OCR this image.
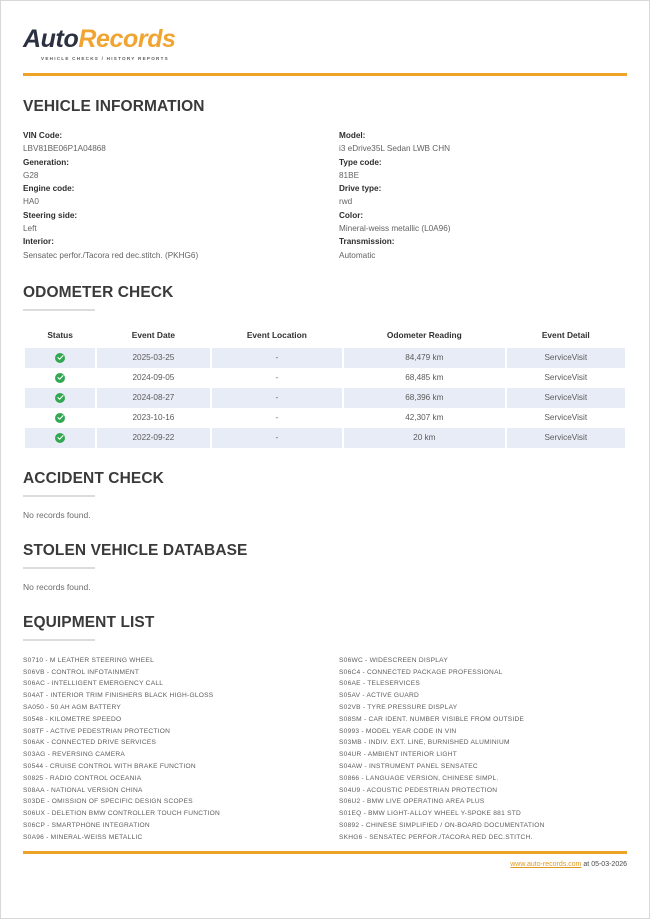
AutoRecords
VEHICLE CHECKS / HISTORY REPORTS
VEHICLE INFORMATION
VIN Code:
LBV81BE06P1A04868
Generation:
G28
Engine code:
HA0
Steering side:
Left
Interior:
Sensatec perfor./Tacora red dec.stitch. (PKHG6)
Model:
i3 eDrive35L Sedan LWB CHN
Type code:
81BE
Drive type:
rwd
Color:
Mineral-weiss metallic (L0A96)
Transmission:
Automatic
ODOMETER CHECK
Status	Event Date	Event Location	Odometer Reading	Event Detail

	2025-03-25	-	84,479 km	ServiceVisit

	2024-09-05	-	68,485 km	ServiceVisit

	2024-08-27	-	68,396 km	ServiceVisit

	2023-10-16	-	42,307 km	ServiceVisit

	2022-09-22	-	20 km	ServiceVisit
ACCIDENT CHECK
No records found.
STOLEN VEHICLE DATABASE
No records found.
EQUIPMENT LIST
S0710 - M LEATHER STEERING WHEEL
S06VB - CONTROL INFOTAINMENT
S06AC - INTELLIGENT EMERGENCY CALL
S04AT - INTERIOR TRIM FINISHERS BLACK HIGH-GLOSS
SA050 - 50 AH AGM BATTERY
S0548 - KILOMETRE SPEEDO
S08TF - ACTIVE PEDESTRIAN PROTECTION
S06AK - CONNECTED DRIVE SERVICES
S03AG - REVERSING CAMERA
S0544 - CRUISE CONTROL WITH BRAKE FUNCTION
S0825 - RADIO CONTROL OCEANIA
S08AA - NATIONAL VERSION CHINA
S03DE - OMISSION OF SPECIFIC DESIGN SCOPES
S06UX - DELETION BMW CONTROLLER TOUCH FUNCTION
S06CP - SMARTPHONE INTEGRATION
S0A96 - MINERAL-WEISS METALLIC
S06WC - WIDESCREEN DISPLAY
S06C4 - CONNECTED PACKAGE PROFESSIONAL
S06AE - TELESERVICES
S05AV - ACTIVE GUARD
S02VB - TYRE PRESSURE DISPLAY
S08SM - CAR IDENT. NUMBER VISIBLE FROM OUTSIDE
S0993 - MODEL YEAR CODE IN VIN
S03MB - INDIV. EXT. LINE, BURNISHED ALUMINIUM
S04UR - AMBIENT INTERIOR LIGHT
S04AW - INSTRUMENT PANEL SENSATEC
S0866 - LANGUAGE VERSION, CHINESE SIMPL.
S04U9 - ACOUSTIC PEDESTRIAN PROTECTION
S06U2 - BMW LIVE OPERATING AREA PLUS
S01EQ - BMW LIGHT-ALLOY WHEEL Y-SPOKE 881 STD
S0892 - CHINESE SIMPLIFIED / ON-BOARD DOCUMENTATION
SKHG6 - SENSATEC PERFOR./TACORA RED DEC.STITCH.
www.auto-records.com at 05-03-2026
